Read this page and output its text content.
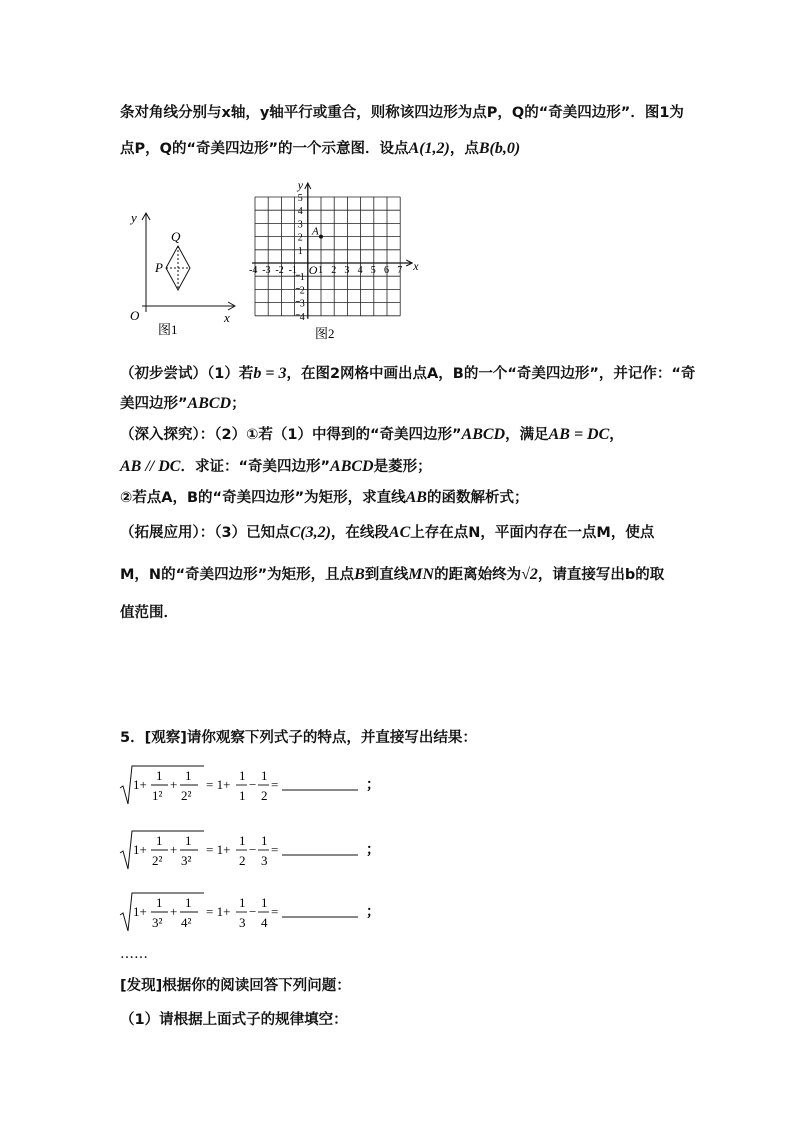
条对角线分别与x轴，y轴平行或重合，则称该四边形为点P，Q的“奇美四边形”．图1为
点P，Q的“奇美四边形”的一个示意图．设点A(1,2)，点B(b,0)
y
x
O
Q
P
图1
y
x
O
-4 -3 -2 -1 1 2 3 4 5 6 7
5
4
3
2
1
1
2
3
4
A
图2
（初步尝试）（1）若b = 3，在图2网格中画出点A，B的一个“奇美四边形”，并记作：“奇
美四边形”ABCD；
（深入探究）：（2）①若（1）中得到的“奇美四边形”ABCD，满足AB = DC，
AB // DC．求证：“奇美四边形”ABCD是菱形；
②若点A，B的“奇美四边形”为矩形，求直线AB的函数解析式；
（拓展应用）：（3）已知点C(3,2)，在线段AC上存在点N，平面内存在一点M，使点
M，N的“奇美四边形”为矩形，且点B到直线MN的距离始终为√2，请直接写出b的取
值范围．
5．[观察]请你观察下列式子的特点，并直接写出结果：
1+
1
1²
+
1
2²
= 1+
1
1
−
1
2
=	；
1+
1
2²
+
1
3²
= 1+
1
2
−
1
3
=	；
1+
1
3²
+
1
4²
= 1+
1
3
−
1
4
=	；
……
[发现]根据你的阅读回答下列问题：
（1）请根据上面式子的规律填空：
